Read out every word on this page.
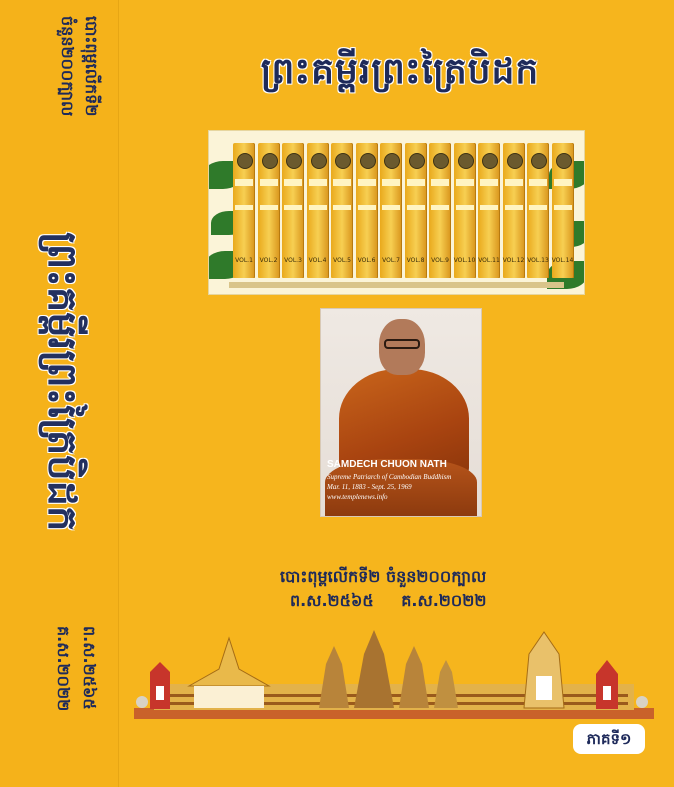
បោះពុម្ពលើកទី២
ចំនួន២០០ក្បាល
ព្រះគម្ពីរព្រះត្រៃបិដក
ព.ស.២៥៦៥
គ.ស.២០២២
ព្រះគម្ពីរព្រះត្រៃបិដក
VOL.1	VOL.2	VOL.3	VOL.4	VOL.5	VOL.6	VOL.7	VOL.8	VOL.9 VOL.10 VOL.11 VOL.12 VOL.13 VOL.14
SAMDECH CHUON NATH
Supreme Patriarch of Cambodian Buddhism
Mar. 11, 1883 - Sept. 25, 1969
www.templenews.info
បោះពុម្ពលើកទី២ ចំនួន២០០ក្បាល
ព.ស.២៥៦៥ គ.ស.២០២២
ភាគទី១
